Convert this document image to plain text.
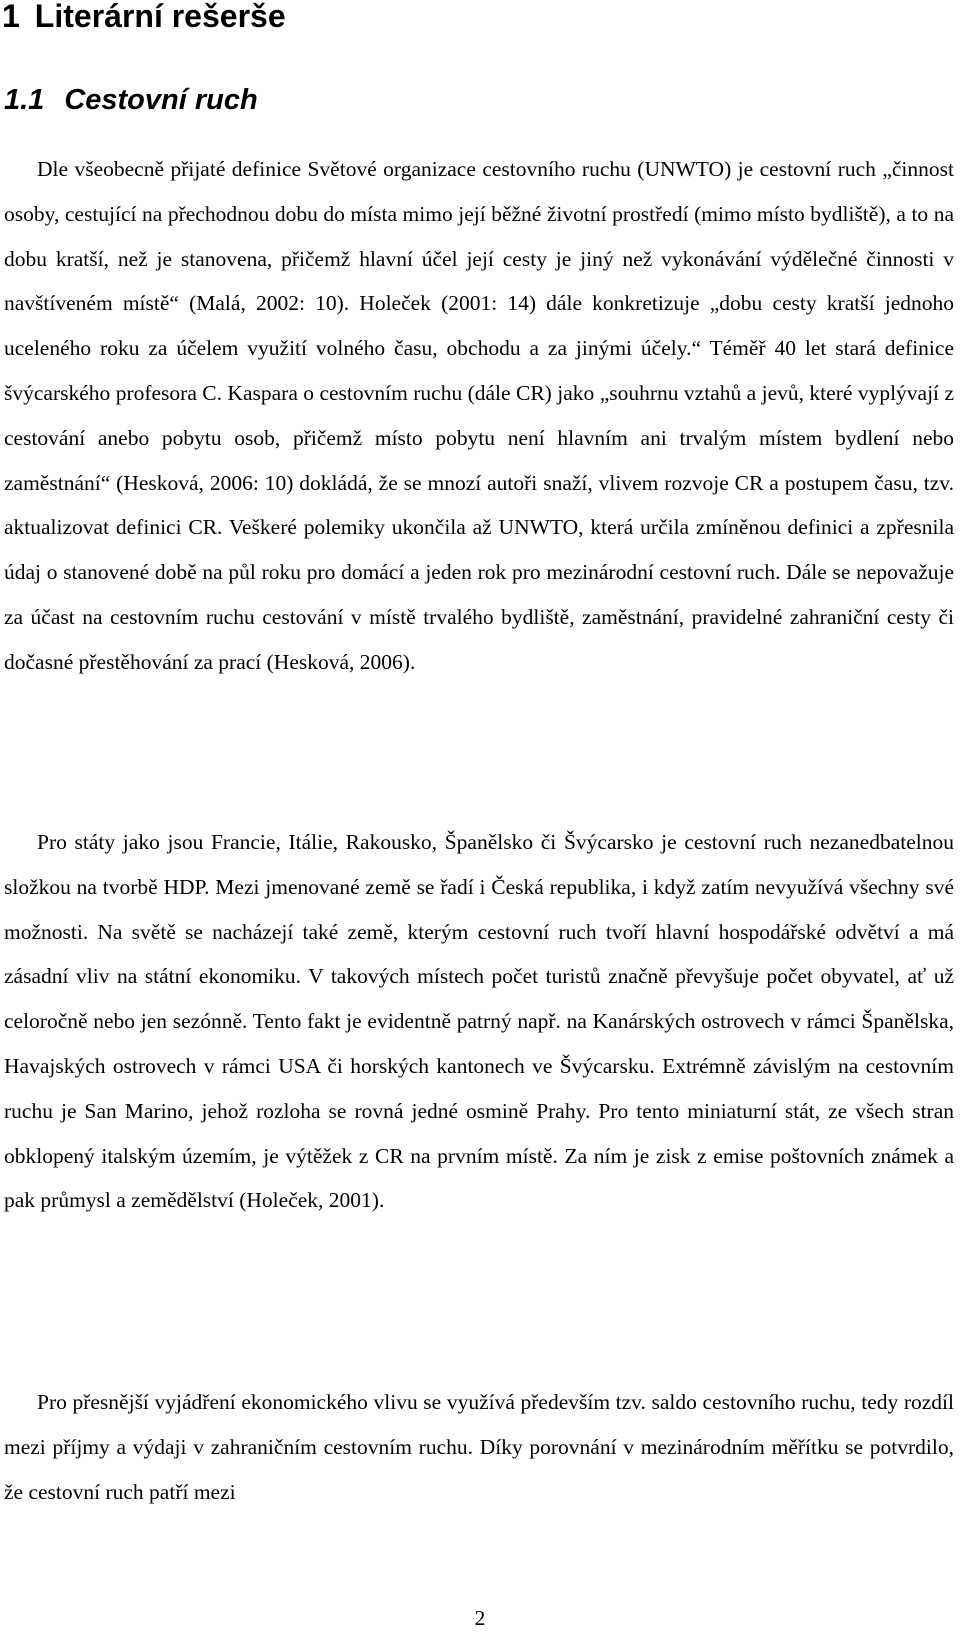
1 Literární rešerše
1.1 Cestovní ruch

Dle všeobecně přijaté definice Světové organizace cestovního ruchu (UNWTO) je cestovní ruch „činnost osoby, cestující na přechodnou dobu do místa mimo její běžné životní prostředí (mimo místo bydliště), a to na dobu kratší, než je stanovena, přičemž hlavní účel její cesty je jiný než vykonávání výdělečné činnosti v navštíveném místě“ (Malá, 2002: 10). Holeček (2001: 14) dále konkretizuje „dobu cesty kratší jednoho uceleného roku za účelem využití volného času, obchodu a za jinými účely.“ Téměř 40 let stará definice švýcarského profesora C. Kaspara o cestovním ruchu (dále CR) jako „souhrnu vztahů a jevů, které vyplývají z cestování anebo pobytu osob, přičemž místo pobytu není hlavním ani trvalým místem bydlení nebo zaměstnání“ (Hesková, 2006: 10) dokládá, že se mnozí autoři snaží, vlivem rozvoje CR a postupem času, tzv. aktualizovat definici CR. Veškeré polemiky ukončila až UNWTO, která určila zmíněnou definici a zpřesnila údaj o stanovené době na půl roku pro domácí a jeden rok pro mezinárodní cestovní ruch. Dále se nepovažuje za účast na cestovním ruchu cestování v místě trvalého bydliště, zaměstnání, pravidelné zahraniční cesty či dočasné přestěhování za prací (Hesková, 2006).

Pro státy jako jsou Francie, Itálie, Rakousko, Španělsko či Švýcarsko je cestovní ruch nezanedbatelnou složkou na tvorbě HDP. Mezi jmenované země se řadí i Česká republika, i když zatím nevyužívá všechny své možnosti. Na světě se nacházejí také země, kterým cestovní ruch tvoří hlavní hospodářské odvětví a má zásadní vliv na státní ekonomiku. V takových místech počet turistů značně převyšuje počet obyvatel, ať už celoročně nebo jen sezónně. Tento fakt je evidentně patrný např. na Kanárských ostrovech v rámci Španělska, Havajských ostrovech v rámci USA či horských kantonech ve Švýcarsku. Extrémně závislým na cestovním ruchu je San Marino, jehož rozloha se rovná jedné osmině Prahy. Pro tento miniaturní stát, ze všech stran obklopený italským územím, je výtěžek z CR na prvním místě. Za ním je zisk z emise poštovních známek a pak průmysl a zemědělství (Holeček, 2001).

Pro přesnější vyjádření ekonomického vlivu se využívá především tzv. saldo cestovního ruchu, tedy rozdíl mezi příjmy a výdaji v zahraničním cestovním ruchu. Díky porovnání v mezinárodním měřítku se potvrdilo, že cestovní ruch patří mezi

2
